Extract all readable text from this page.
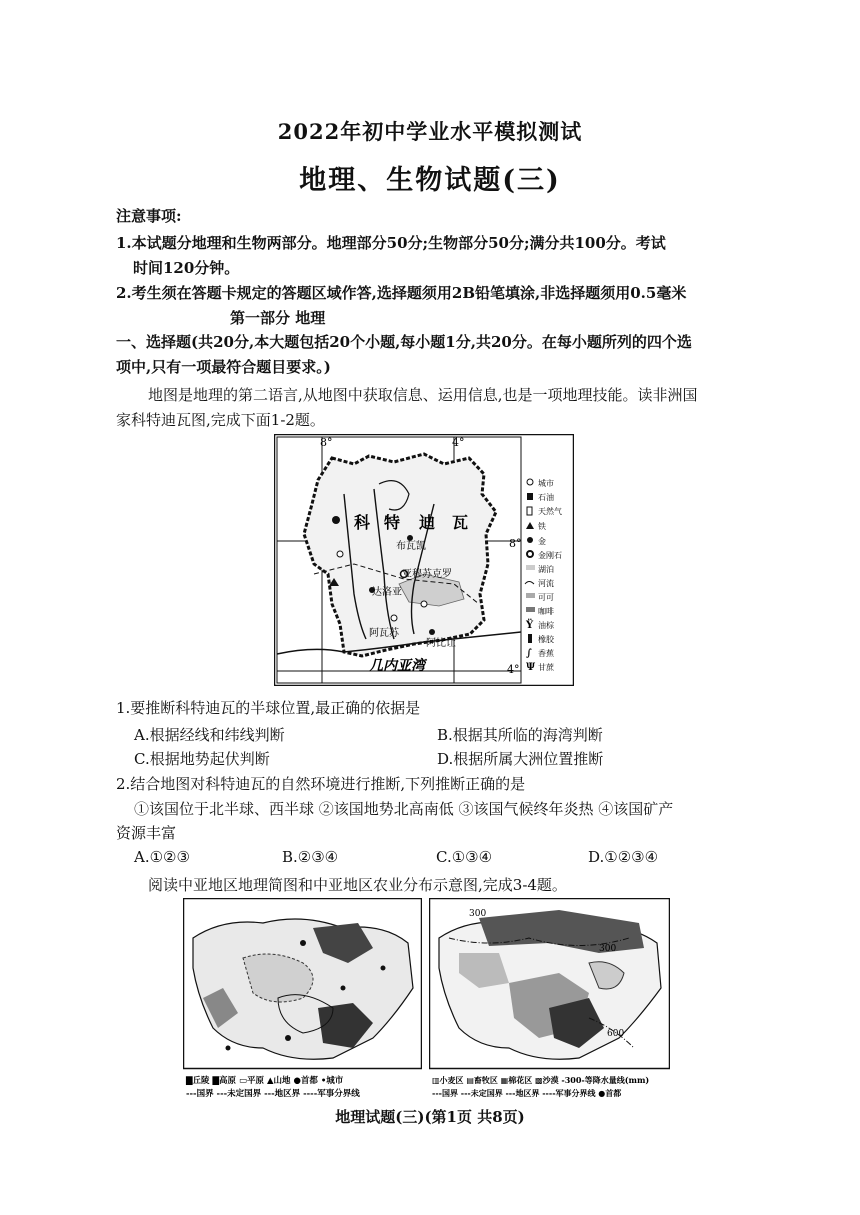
2022年初中学业水平模拟测试
地理、生物试题(三)
注意事项:
1.本试题分地理和生物两部分。地理部分50分;生物部分50分;满分共100分。考试
时间120分钟。
2.考生须在答题卡规定的答题区域作答,选择题须用2B铅笔填涂,非选择题须用0.5毫米
第一部分 地理
一、选择题(共20分,本大题包括20个小题,每小题1分,共20分。在每小题所列的四个选
项中,只有一项最符合题目要求。)
地图是地理的第二语言,从地图中获取信息、运用信息,也是一项地理技能。读非洲国
家科特迪瓦图,完成下面1-2题。
8°	4°
8°
4°
科 特 迪 瓦
布瓦凯
亚穆苏克罗
达洛亚
阿瓦苏
阿比让
几内亚湾
城市
石油
天然气
铁
金
金刚石
湖泊
河流
可可
咖啡
Ϋ 油棕
橡胶
∫ 香蕉
Ψ 甘蔗
1.要推断科特迪瓦的半球位置,最正确的依据是
A.根据经线和纬线判断	B.根据其所临的海湾判断
C.根据地势起伏判断	D.根据所属大洲位置推断
2.结合地图对科特迪瓦的自然环境进行推断,下列推断正确的是
①该国位于北半球、西半球 ②该国地势北高南低 ③该国气候终年炎热 ④该国矿产
资源丰富
A.①②③	B.②③④	C.①③④	D.①②③④
阅读中亚地区地理简图和中亚地区农业分布示意图,完成3-4题。
▇丘陵 ▇高原 ▭平原 ▲山地 ●首都 •城市
---国界 ---未定国界 ---地区界 ----军事分界线
300
300
600
▥小麦区 ▤畜牧区 ▦棉花区 ▩沙漠 -300-等降水量线(mm)
---国界 ---未定国界 ---地区界 ----军事分界线 ●首都
地理试题(三)(第1页 共8页)
